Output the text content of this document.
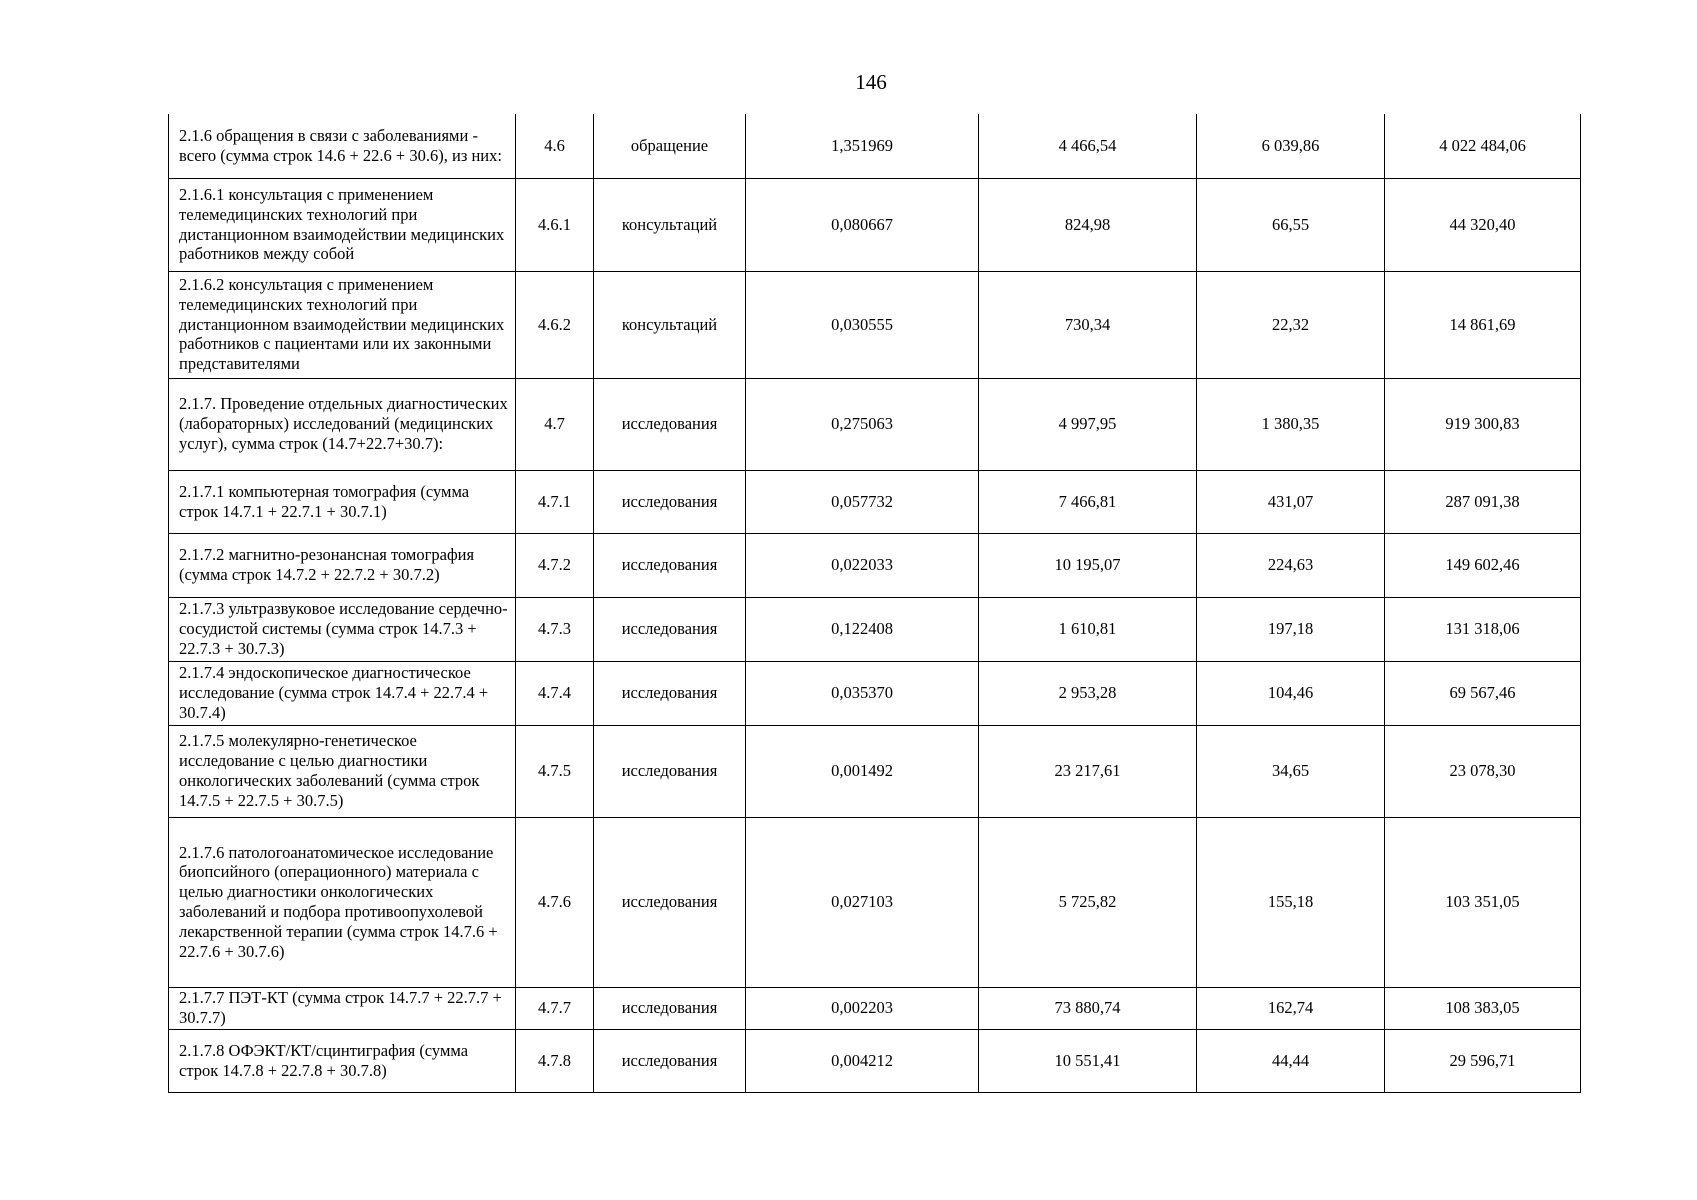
146
2.1.6 обращения в связи с заболеваниями - всего (сумма строк 14.6 + 22.6 + 30.6), из них:	4.6	обращение	1,351969	4 466,54	6 039,86	4 022 484,06
2.1.6.1 консультация с применением телемедицинских технологий при дистанционном взаимодействии медицинских работников между собой	4.6.1	консультаций	0,080667	824,98	66,55	44 320,40
2.1.6.2 консультация с применением телемедицинских технологий при дистанционном взаимодействии медицинских работников с пациентами или их законными представителями	4.6.2	консультаций	0,030555	730,34	22,32	14 861,69
2.1.7. Проведение отдельных диагностических (лабораторных) исследований (медицинских услуг), сумма строк (14.7+22.7+30.7):	4.7	исследования	0,275063	4 997,95	1 380,35	919 300,83
2.1.7.1 компьютерная томография (сумма строк 14.7.1 + 22.7.1 + 30.7.1)	4.7.1	исследования	0,057732	7 466,81	431,07	287 091,38
2.1.7.2 магнитно-резонансная томография (сумма строк 14.7.2 + 22.7.2 + 30.7.2)	4.7.2	исследования	0,022033	10 195,07	224,63	149 602,46
2.1.7.3 ультразвуковое исследование сердечно-сосудистой системы (сумма строк 14.7.3 + 22.7.3 + 30.7.3)	4.7.3	исследования	0,122408	1 610,81	197,18	131 318,06
2.1.7.4 эндоскопическое диагностическое исследование (сумма строк 14.7.4 + 22.7.4 + 30.7.4)	4.7.4	исследования	0,035370	2 953,28	104,46	69 567,46
2.1.7.5 молекулярно-генетическое исследование с целью диагностики онкологических заболеваний (сумма строк 14.7.5 + 22.7.5 + 30.7.5)	4.7.5	исследования	0,001492	23 217,61	34,65	23 078,30
2.1.7.6 патологоанатомическое исследование биопсийного (операционного) материала с целью диагностики онкологических заболеваний и подбора противоопухолевой лекарственной терапии (сумма строк 14.7.6 + 22.7.6 + 30.7.6)	4.7.6	исследования	0,027103	5 725,82	155,18	103 351,05
2.1.7.7 ПЭТ-КТ (сумма строк 14.7.7 + 22.7.7 + 30.7.7)	4.7.7	исследования	0,002203	73 880,74	162,74	108 383,05
2.1.7.8 ОФЭКТ/КТ/сцинтиграфия (сумма строк 14.7.8 + 22.7.8 + 30.7.8)	4.7.8	исследования	0,004212	10 551,41	44,44	29 596,71
